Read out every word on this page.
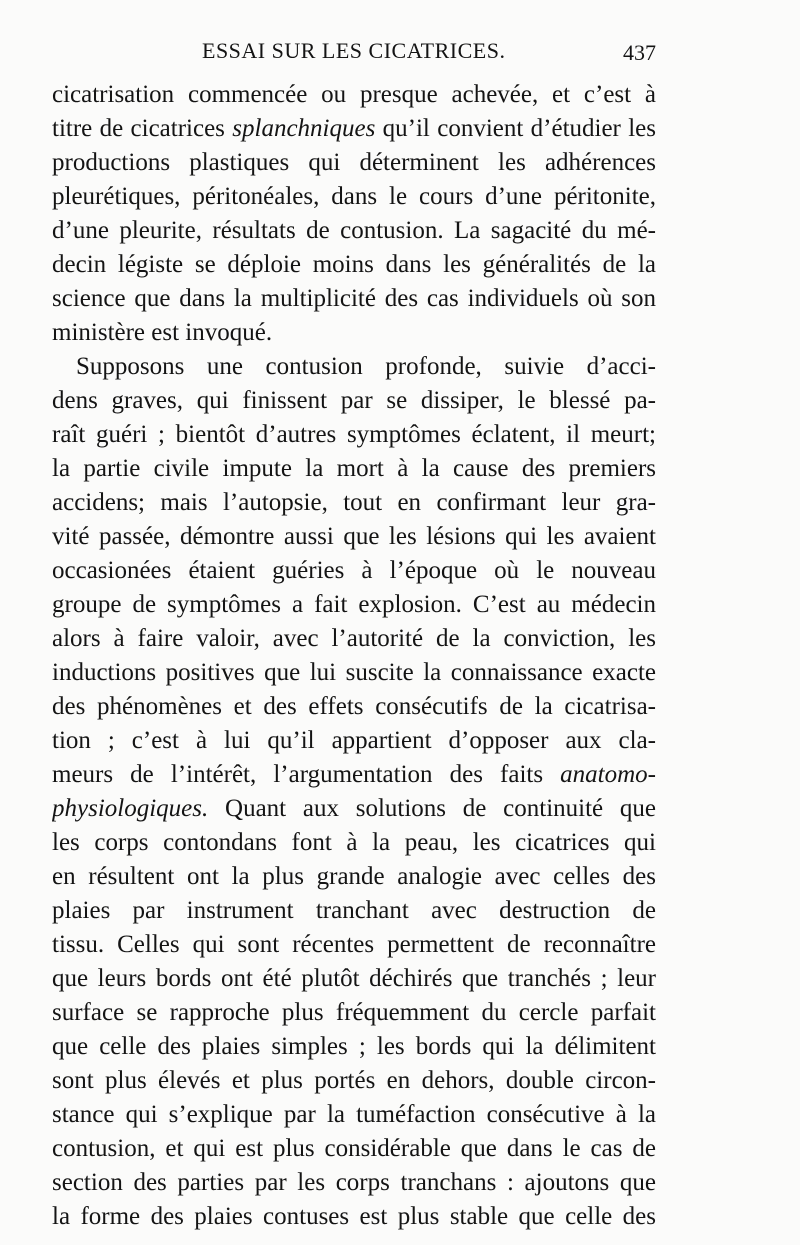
ESSAI SUR LES CICATRICES.	437
cicatrisation commencée ou presque achevée, et c’est à
titre de cicatrices splanchniques qu’il convient d’étudier les
productions plastiques qui déterminent les adhérences
pleurétiques, péritonéales, dans le cours d’une péritonite,
d’une pleurite, résultats de contusion. La sagacité du mé-
decin légiste se déploie moins dans les généralités de la
science que dans la multiplicité des cas individuels où son
ministère est invoqué.
Supposons une contusion profonde, suivie d’acci-
dens graves, qui finissent par se dissiper, le blessé pa-
raît guéri ; bientôt d’autres symptômes éclatent, il meurt;
la partie civile impute la mort à la cause des premiers
accidens; mais l’autopsie, tout en confirmant leur gra-
vité passée, démontre aussi que les lésions qui les avaient
occasionées étaient guéries à l’époque où le nouveau
groupe de symptômes a fait explosion. C’est au médecin
alors à faire valoir, avec l’autorité de la conviction, les
inductions positives que lui suscite la connaissance exacte
des phénomènes et des effets consécutifs de la cicatrisa-
tion ; c’est à lui qu’il appartient d’opposer aux cla-
meurs de l’intérêt, l’argumentation des faits anatomo-
physiologiques. Quant aux solutions de continuité que
les corps contondans font à la peau, les cicatrices qui
en résultent ont la plus grande analogie avec celles des
plaies par instrument tranchant avec destruction de
tissu. Celles qui sont récentes permettent de reconnaître
que leurs bords ont été plutôt déchirés que tranchés ; leur
surface se rapproche plus fréquemment du cercle parfait
que celle des plaies simples ; les bords qui la délimitent
sont plus élevés et plus portés en dehors, double circon-
stance qui s’explique par la tuméfaction consécutive à la
contusion, et qui est plus considérable que dans le cas de
section des parties par les corps tranchans : ajoutons que
la forme des plaies contuses est plus stable que celle des
